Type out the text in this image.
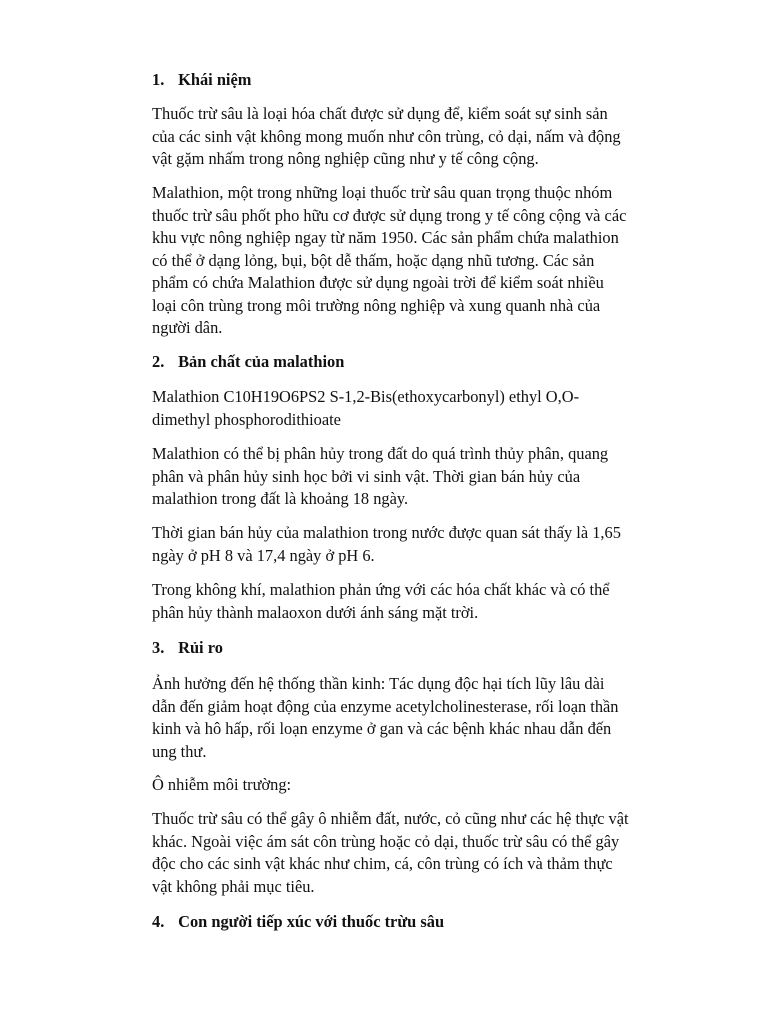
1. Khái niệm
Thuốc trừ sâu là loại hóa chất được sử dụng để, kiểm soát sự sinh sản
của các sinh vật không mong muốn như côn trùng, cỏ dại, nấm và động
vật gặm nhấm trong nông nghiệp cũng như y tế công cộng.
Malathion, một trong những loại thuốc trừ sâu quan trọng thuộc nhóm
thuốc trừ sâu phốt pho hữu cơ được sử dụng trong y tế công cộng và các
khu vực nông nghiệp ngay từ năm 1950. Các sản phẩm chứa malathion
có thể ở dạng lỏng, bụi, bột dễ thấm, hoặc dạng nhũ tương. Các sản
phẩm có chứa Malathion được sử dụng ngoài trời để kiểm soát nhiều
loại côn trùng trong môi trường nông nghiệp và xung quanh nhà của
người dân.
2. Bản chất của malathion
Malathion C10H19O6PS2 S-1,2-Bis(ethoxycarbonyl) ethyl O,O-
dimethyl phosphorodithioate
Malathion có thể bị phân hủy trong đất do quá trình thủy phân, quang
phân và phân hủy sinh học bởi vi sinh vật. Thời gian bán hủy của
malathion trong đất là khoảng 18 ngày.
Thời gian bán hủy của malathion trong nước được quan sát thấy là 1,65
ngày ở pH 8 và 17,4 ngày ở pH 6.
Trong không khí, malathion phản ứng với các hóa chất khác và có thể
phân hủy thành malaoxon dưới ánh sáng mặt trời.
3. Rủi ro
Ảnh hưởng đến hệ thống thần kinh: Tác dụng độc hại tích lũy lâu dài
dẫn đến giảm hoạt động của enzyme acetylcholinesterase, rối loạn thần
kinh và hô hấp, rối loạn enzyme ở gan và các bệnh khác nhau dẫn đến
ung thư.
Ô nhiễm môi trường:
Thuốc trừ sâu có thể gây ô nhiễm đất, nước, cỏ cũng như các hệ thực vật
khác. Ngoài việc ám sát côn trùng hoặc cỏ dại, thuốc trừ sâu có thể gây
độc cho các sinh vật khác như chim, cá, côn trùng có ích và thảm thực
vật không phải mục tiêu.
4. Con người tiếp xúc với thuốc trừu sâu
